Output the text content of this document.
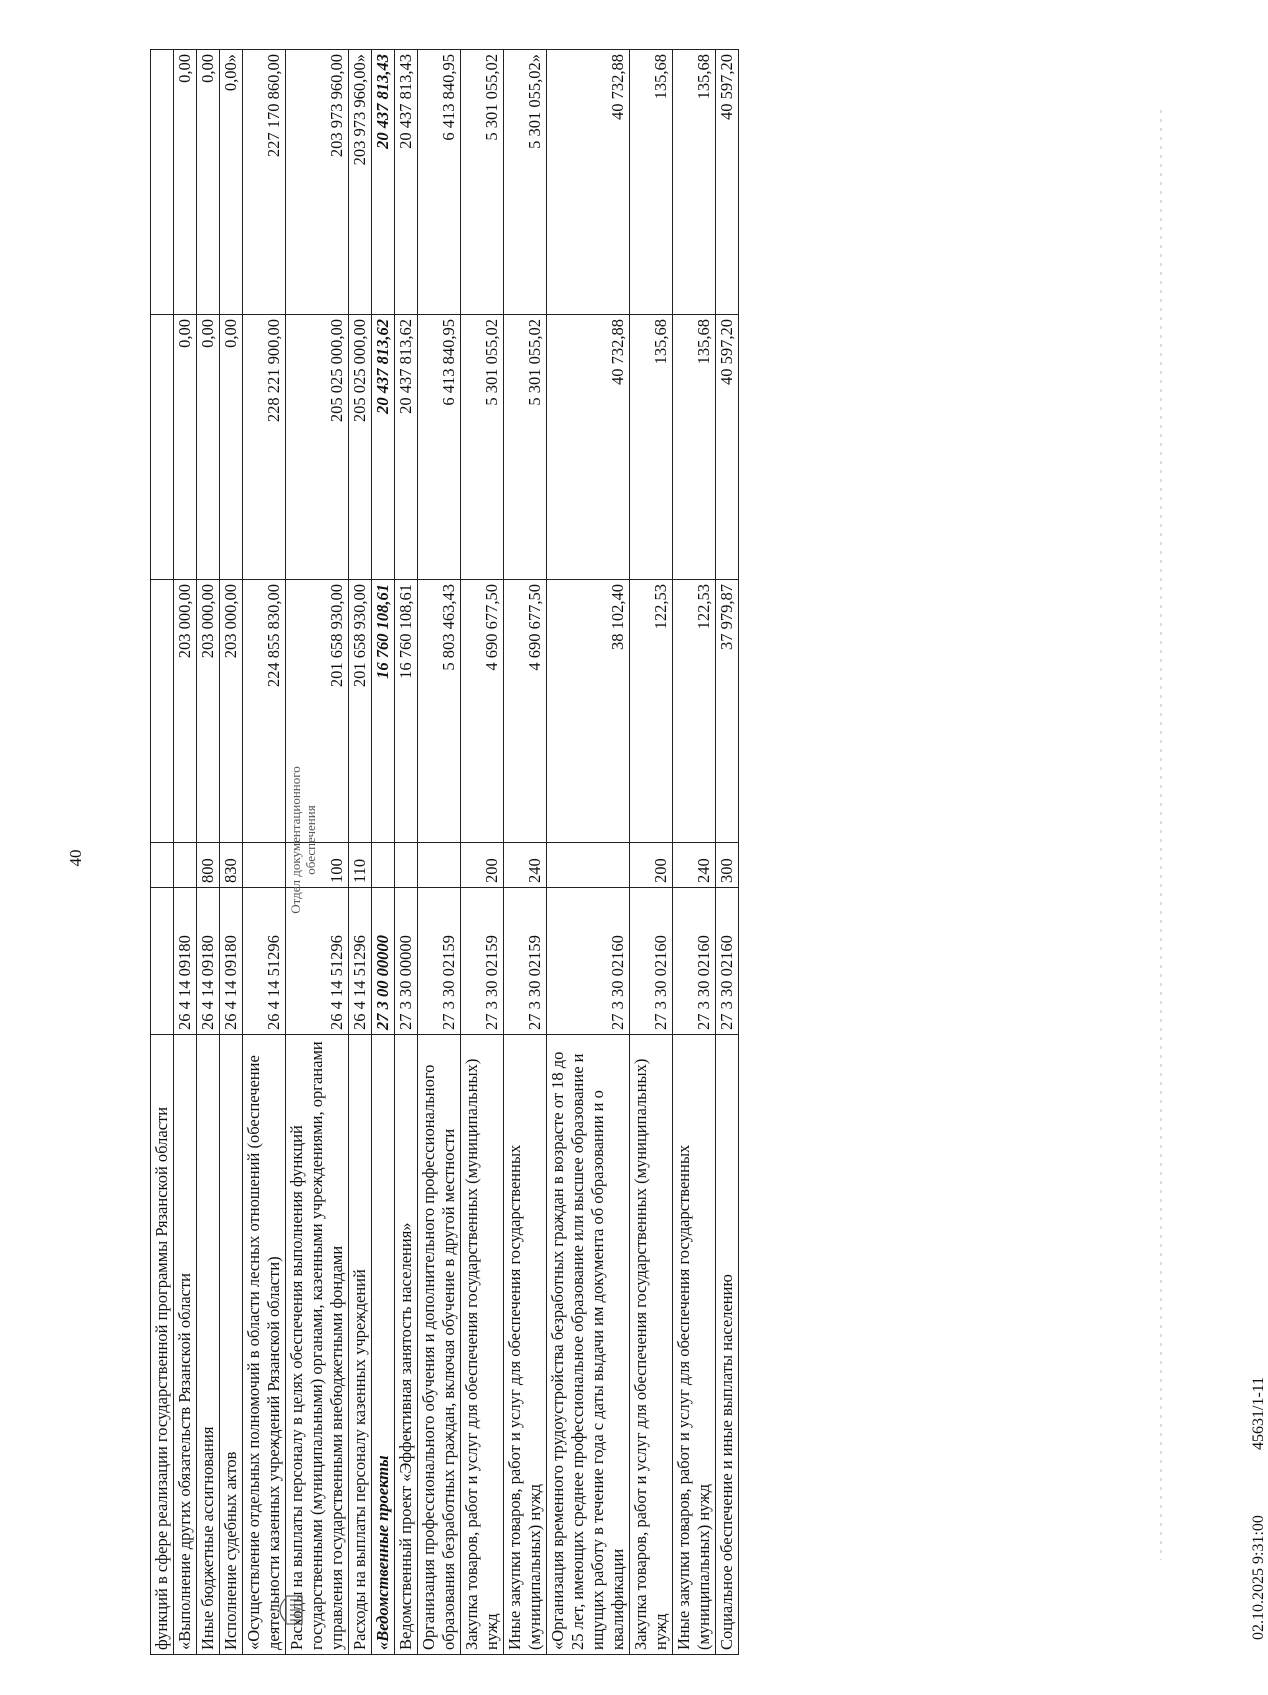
40
функций в сфере реализации государственной программы Рязанской области					
«Выполнение других обязательств Рязанской области	26 4 14 09180		203 000,00	0,00	0,00
Иные бюджетные ассигнования	26 4 14 09180	800	203 000,00	0,00	0,00
Исполнение судебных актов	26 4 14 09180	830	203 000,00	0,00	0,00»
«Осуществление отдельных полномочий в области лесных отношений (обеспечение деятельности казенных учреждений Рязанской области)	26 4 14 51296		224 855 830,00	228 221 900,00	227 170 860,00
Расходы на выплаты персоналу в целях обеспечения выполнения функций государственными (муниципальными) органами, казенными учреждениями, органами управления государственными внебюджетными фондами	26 4 14 51296	100	201 658 930,00	205 025 000,00	203 973 960,00
Расходы на выплаты персоналу казенных учреждений	26 4 14 51296	110	201 658 930,00	205 025 000,00	203 973 960,00»
«Ведомственные проекты	27 3 00 00000		16 760 108,61	20 437 813,62	20 437 813,43
Ведомственный проект «Эффективная занятость населения»	27 3 30 00000		16 760 108,61	20 437 813,62	20 437 813,43
Организация профессионального обучения и дополнительного профессионального образования безработных граждан, включая обучение в другой местности	27 3 30 02159		5 803 463,43	6 413 840,95	6 413 840,95
Закупка товаров, работ и услуг для обеспечения государственных (муниципальных) нужд	27 3 30 02159	200	4 690 677,50	5 301 055,02	5 301 055,02
Иные закупки товаров, работ и услуг для обеспечения государственных (муниципальных) нужд	27 3 30 02159	240	4 690 677,50	5 301 055,02	5 301 055,02»
«Организация временного трудоустройства безработных граждан в возрасте от 18 до 25 лет, имеющих среднее профессиональное образование или высшее образование и ищущих работу в течение года с даты выдачи им документа об образовании и о квалификации	27 3 30 02160		38 102,40	40 732,88	40 732,88
Закупка товаров, работ и услуг для обеспечения государственных (муниципальных) нужд	27 3 30 02160	200	122,53	135,68	135,68
Иные закупки товаров, работ и услуг для обеспечения государственных (муниципальных) нужд	27 3 30 02160	240	122,53	135,68	135,68
Социальное обеспечение и иные выплаты населению	27 3 30 02160	300	37 979,87	40 597,20	40 597,20
Отдел документационного обеспечения
02.10.2025 9:31:00
45631/1-11
